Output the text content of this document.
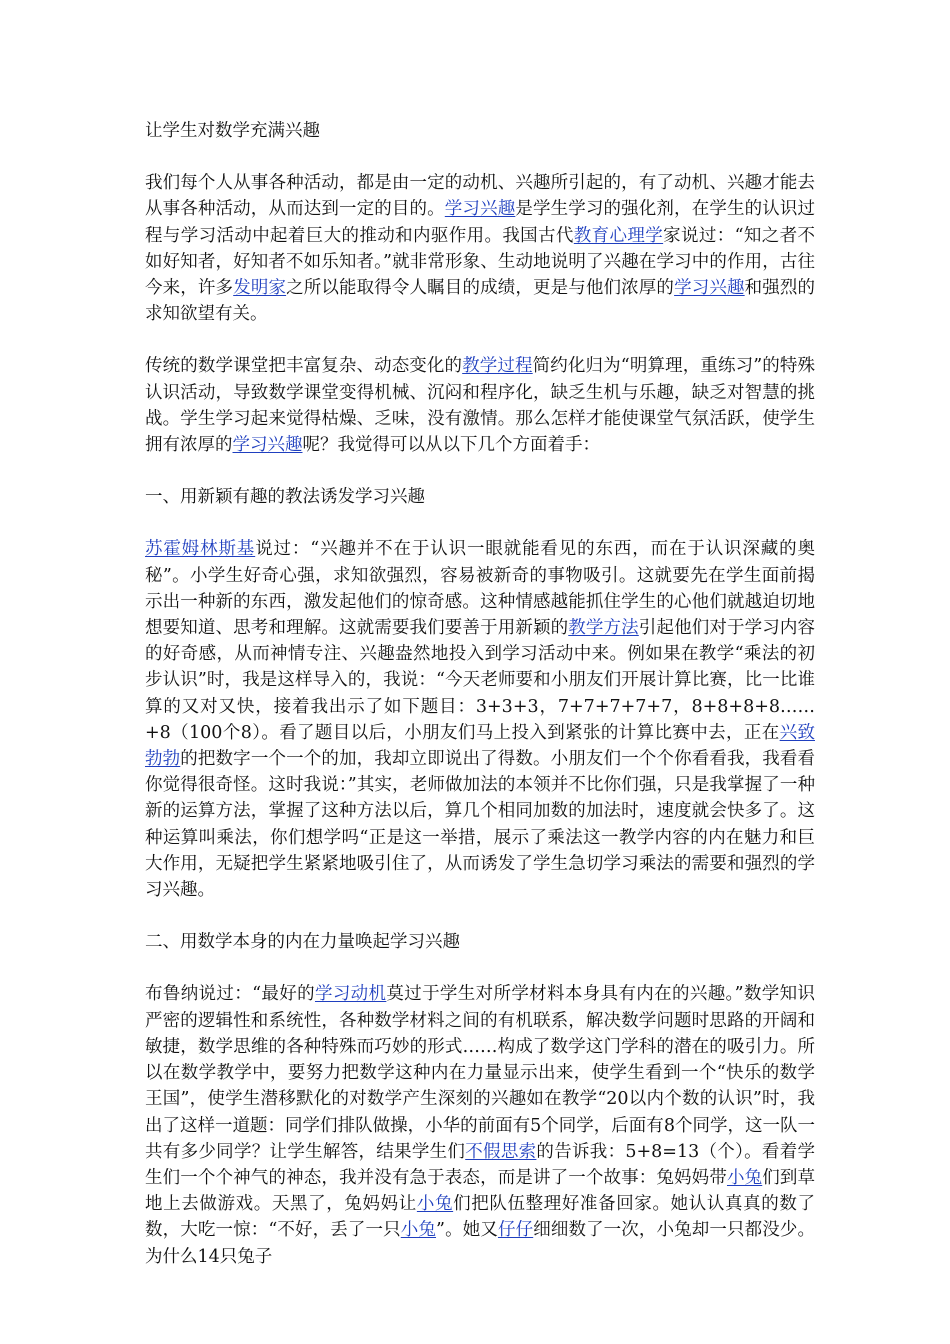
让学生对数学充满兴趣

我们每个人从事各种活动，都是由一定的动机、兴趣所引起的，有了动机、兴趣才能去从事各种活动，从而达到一定的目的。学习兴趣是学生学习的强化剂，在学生的认识过程与学习活动中起着巨大的推动和内驱作用。我国古代教育心理学家说过：“知之者不如好知者，好知者不如乐知者。”就非常形象、生动地说明了兴趣在学习中的作用，古往今来，许多发明家之所以能取得令人瞩目的成绩，更是与他们浓厚的学习兴趣和强烈的求知欲望有关。

传统的数学课堂把丰富复杂、动态变化的教学过程简约化归为“明算理，重练习”的特殊认识活动，导致数学课堂变得机械、沉闷和程序化，缺乏生机与乐趣，缺乏对智慧的挑战。学生学习起来觉得枯燥、乏味，没有激情。那么怎样才能使课堂气氛活跃，使学生拥有浓厚的学习兴趣呢？我觉得可以从以下几个方面着手：

一、用新颖有趣的教法诱发学习兴趣

苏霍姆林斯基说过：“兴趣并不在于认识一眼就能看见的东西，而在于认识深藏的奥秘”。小学生好奇心强，求知欲强烈，容易被新奇的事物吸引。这就要先在学生面前揭示出一种新的东西，激发起他们的惊奇感。这种情感越能抓住学生的心他们就越迫切地想要知道、思考和理解。这就需要我们要善于用新颖的教学方法引起他们对于学习内容的好奇感，从而神情专注、兴趣盎然地投入到学习活动中来。例如果在教学“乘法的初步认识”时，我是这样导入的，我说：“今天老师要和小朋友们开展计算比赛，比一比谁算的又对又快，接着我出示了如下题目：3+3+3，7+7+7+7+7，8+8+8+8……+8（100个8）。看了题目以后，小朋友们马上投入到紧张的计算比赛中去，正在兴致勃勃的把数字一个一个的加，我却立即说出了得数。小朋友们一个个你看看我，我看看你觉得很奇怪。这时我说：”其实，老师做加法的本领并不比你们强，只是我掌握了一种新的运算方法，掌握了这种方法以后，算几个相同加数的加法时，速度就会快多了。这种运算叫乘法，你们想学吗“正是这一举措，展示了乘法这一教学内容的内在魅力和巨大作用，无疑把学生紧紧地吸引住了，从而诱发了学生急切学习乘法的需要和强烈的学习兴趣。

二、用数学本身的内在力量唤起学习兴趣

布鲁纳说过：“最好的学习动机莫过于学生对所学材料本身具有内在的兴趣。”数学知识严密的逻辑性和系统性，各种数学材料之间的有机联系，解决数学问题时思路的开阔和敏捷，数学思维的各种特殊而巧妙的形式……构成了数学这门学科的潜在的吸引力。所以在数学教学中，要努力把数学这种内在力量显示出来，使学生看到一个“快乐的数学王国”，使学生潜移默化的对数学产生深刻的兴趣如在教学“20以内个数的认识”时，我出了这样一道题：同学们排队做操，小华的前面有5个同学，后面有8个同学，这一队一共有多少同学？让学生解答，结果学生们不假思索的告诉我：5+8=13（个）。看着学生们一个个神气的神态，我并没有急于表态，而是讲了一个故事：兔妈妈带小兔们到草地上去做游戏。天黑了，兔妈妈让小兔们把队伍整理好准备回家。她认认真真的数了数，大吃一惊：“不好，丢了一只小兔”。她又仔仔细细数了一次，小兔却一只都没少。为什么14只兔子
